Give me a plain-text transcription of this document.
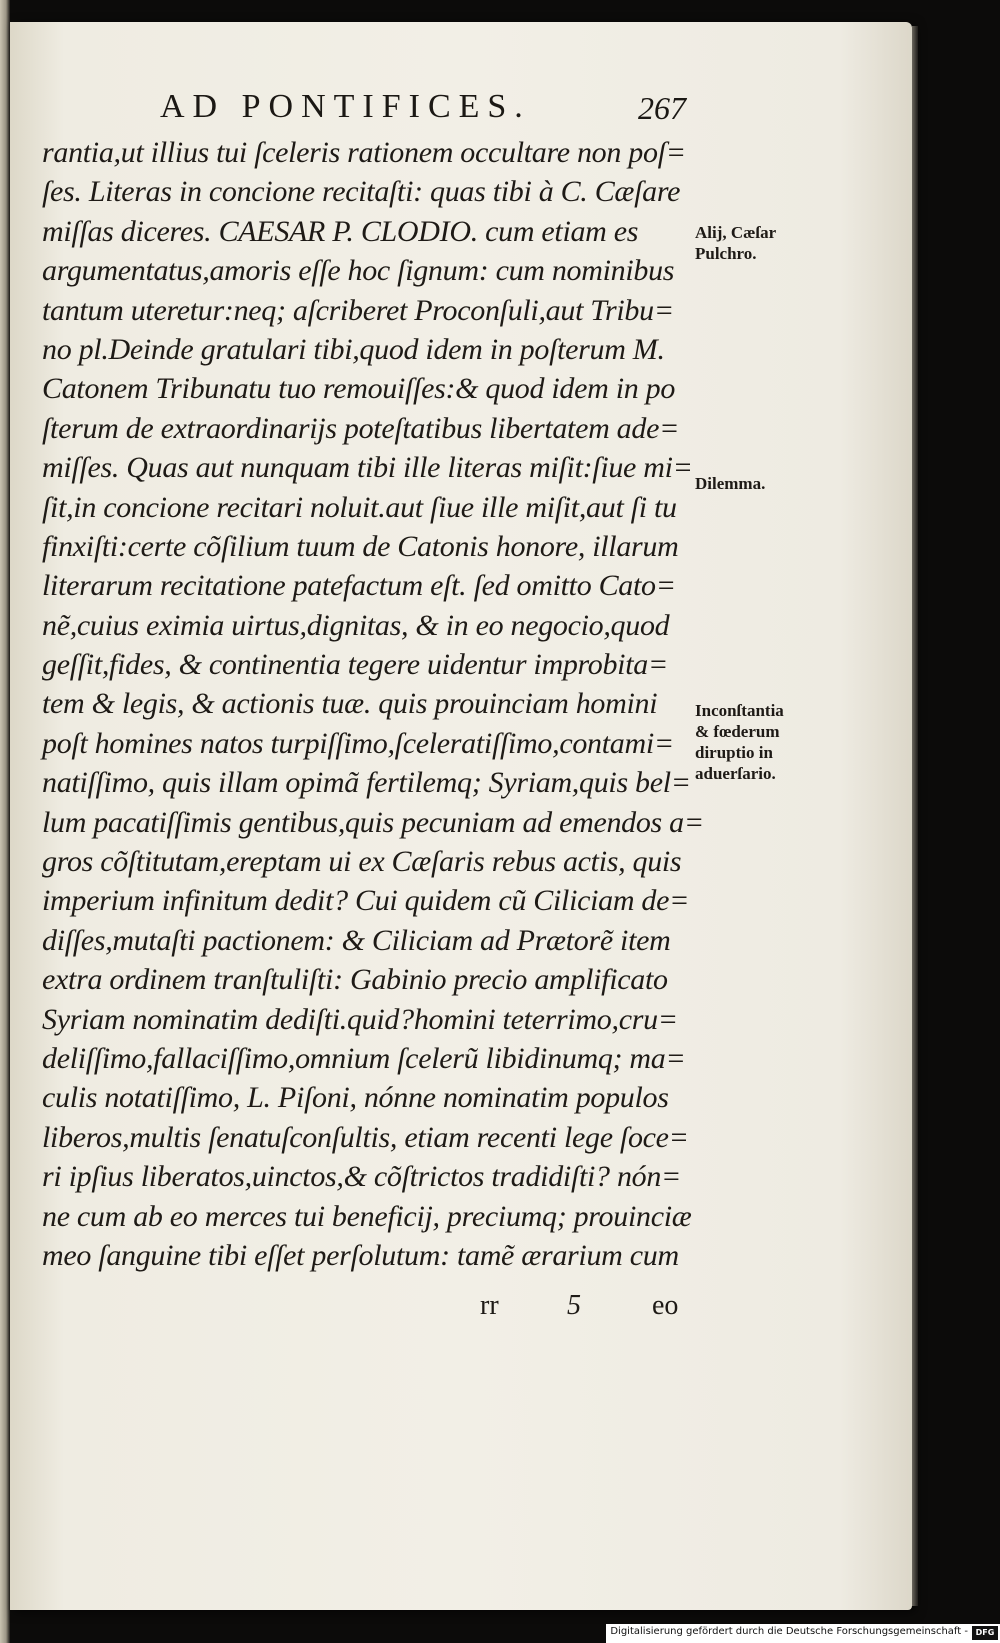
AD PONTIFICES.	267
rantia,ut illius tui ſceleris rationem occultare non poſ=
ſes. Literas in concione recitaſti: quas tibi à C. Cæſare
miſſas diceres. CAESAR P. CLODIO. cum etiam es
argumentatus,amoris eſſe hoc ſignum: cum nominibus
tantum uteretur:neq; aſcriberet Proconſuli,aut Tribu=
no pl.Deinde gratulari tibi,quod idem in poſterum M.
Catonem Tribunatu tuo remouiſſes:& quod idem in po
ſterum de extraordinarijs poteſtatibus libertatem ade=
miſſes. Quas aut nunquam tibi ille literas miſit:ſiue mi=
ſit,in concione recitari noluit.aut ſiue ille miſit,aut ſi tu
finxiſti:certe cõſilium tuum de Catonis honore, illarum
literarum recitatione patefactum eſt. ſed omitto Cato=
nẽ,cuius eximia uirtus,dignitas, & in eo negocio,quod
geſſit,fides, & continentia tegere uidentur improbita=
tem & legis, & actionis tuæ. quis prouinciam homini
poſt homines natos turpiſſimo,ſceleratiſſimo,contami=
natiſſimo, quis illam opimã fertilemq; Syriam,quis bel=
lum pacatiſſimis gentibus,quis pecuniam ad emendos a=
gros cõſtitutam,ereptam ui ex Cæſaris rebus actis, quis
imperium infinitum dedit? Cui quidem cũ Ciliciam de=
diſſes,mutaſti pactionem: & Ciliciam ad Prætorẽ item
extra ordinem tranſtuliſti: Gabinio precio amplificato
Syriam nominatim dediſti.quid?homini teterrimo,cru=
deliſſimo,fallaciſſimo,omnium ſcelerũ libidinumq; ma=
culis notatiſſimo, L. Piſoni, nónne nominatim populos
liberos,multis ſenatuſconſultis, etiam recenti lege ſoce=
ri ipſius liberatos,uinctos,& cõſtrictos tradidiſti? nón=
ne cum ab eo merces tui beneficij, preciumq; prouinciæ
meo ſanguine tibi eſſet perſolutum: tamẽ ærarium cum
Alij, Cæſar
Pulchro.
Dilemma.
Inconſtantia
& fœderum
diruptio in
aduerſario.
rr 5	eo
Digitalisierung gefördert durch die Deutsche Forschungsgemeinschaft - DFG
